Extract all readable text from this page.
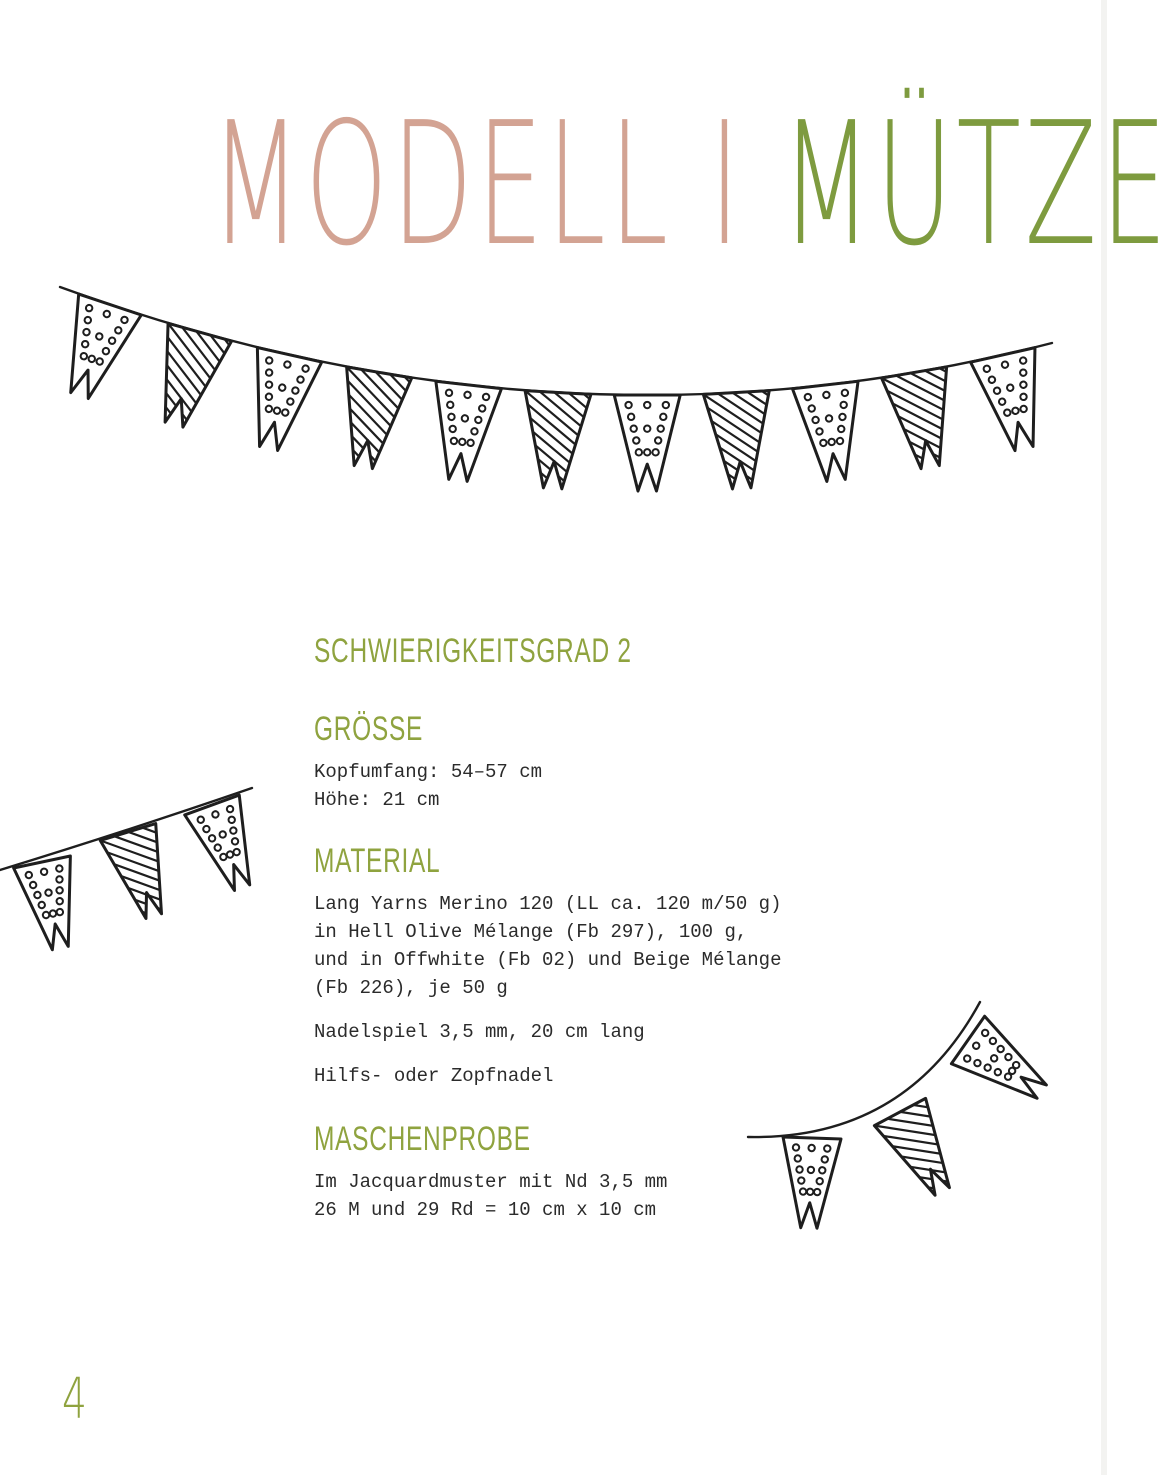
MODELL I MÜTZE
SCHWIERIGKEITSGRAD 2
GRÖSSE
Kopfumfang: 54–57 cm
Höhe: 21 cm
MATERIAL
Lang Yarns Merino 120 (LL ca. 120 m/50 g)
in Hell Olive Mélange (Fb 297), 100 g,
und in Offwhite (Fb 02) und Beige Mélange
(Fb 226), je 50 g
Nadelspiel 3,5 mm, 20 cm lang
Hilfs- oder Zopfnadel
MASCHENPROBE
Im Jacquardmuster mit Nd 3,5 mm
26 M und 29 Rd = 10 cm x 10 cm
4
